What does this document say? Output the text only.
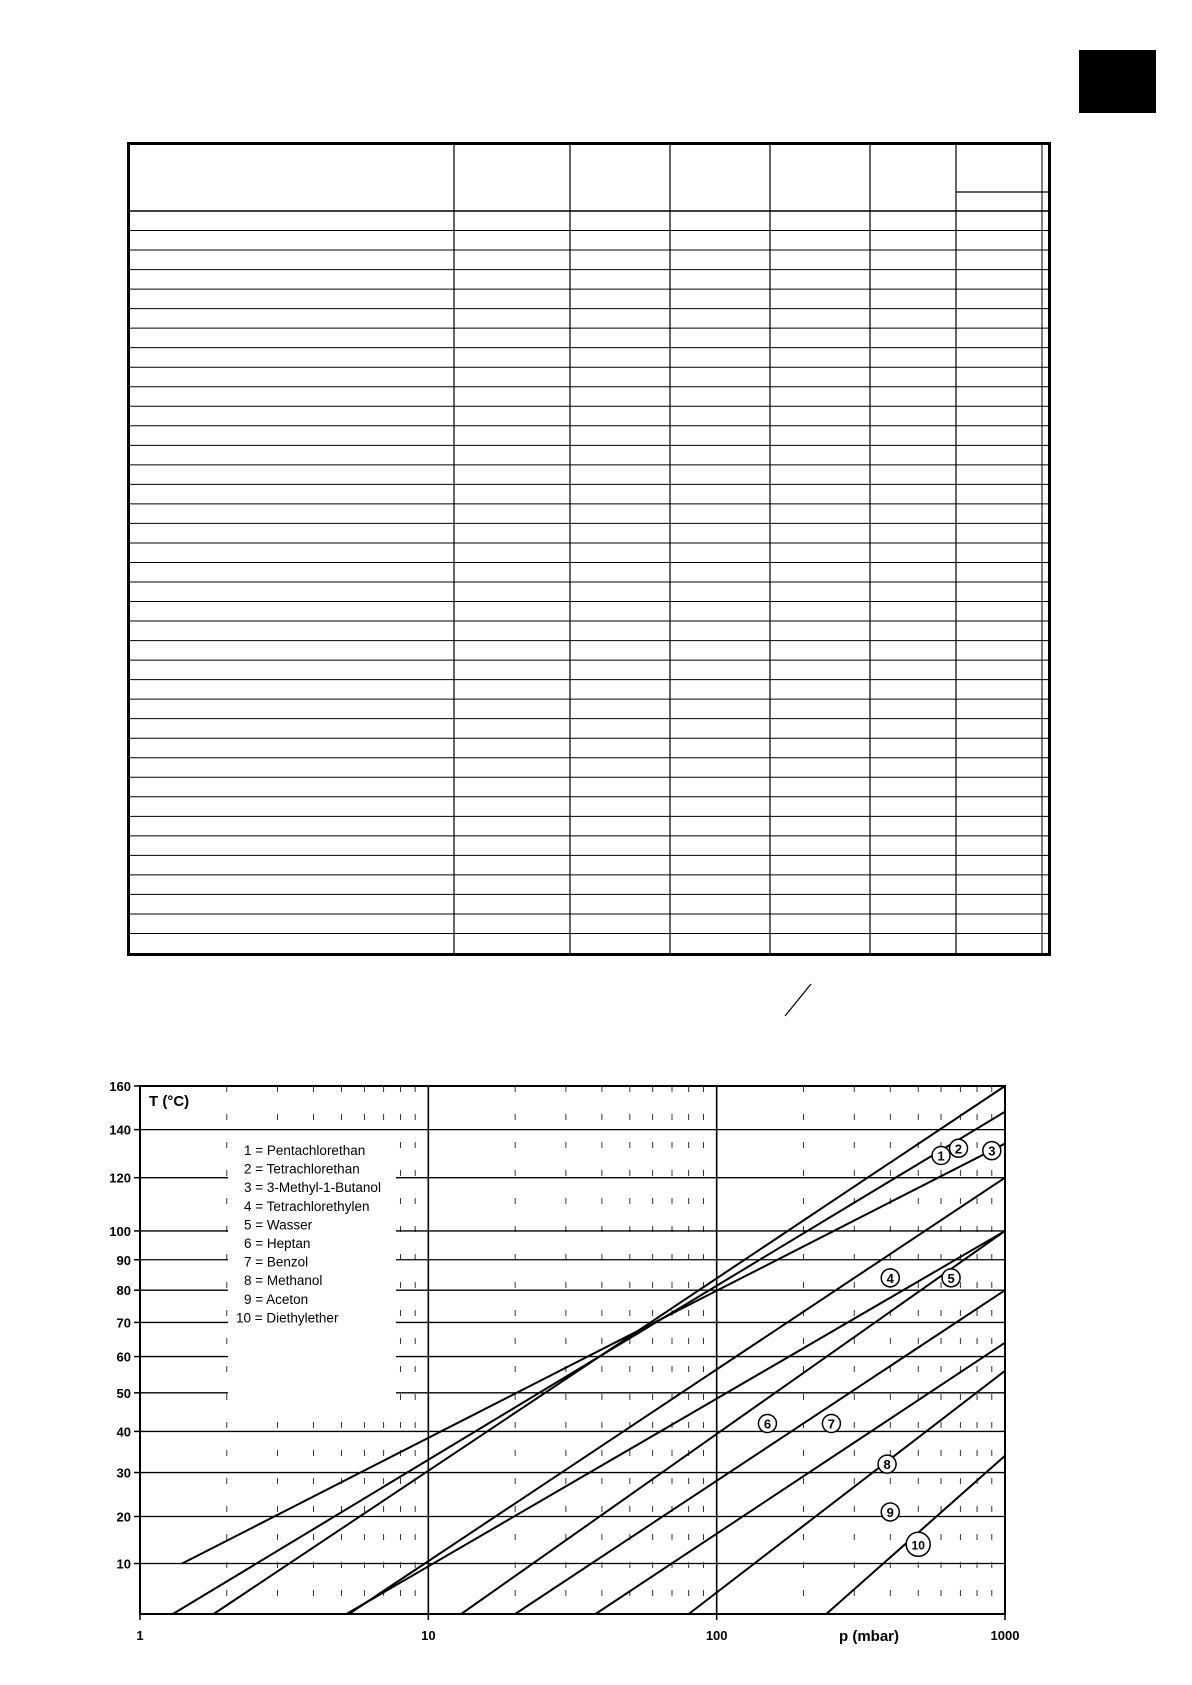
10
20
30
40
50
60
70
80
90
100
120
140
160
1	10	100	1000
1 2 3
4	5
6	7
8
9
10
1 = Pentachlorethan
2 = Tetrachlorethan
3 = 3-Methyl-1-Butanol
4 = Tetrachlorethylen
5 = Wasser
6 = Heptan
7 = Benzol
8 = Methanol
9 = Aceton
10 = Diethylether
T (°C)
p (mbar)
